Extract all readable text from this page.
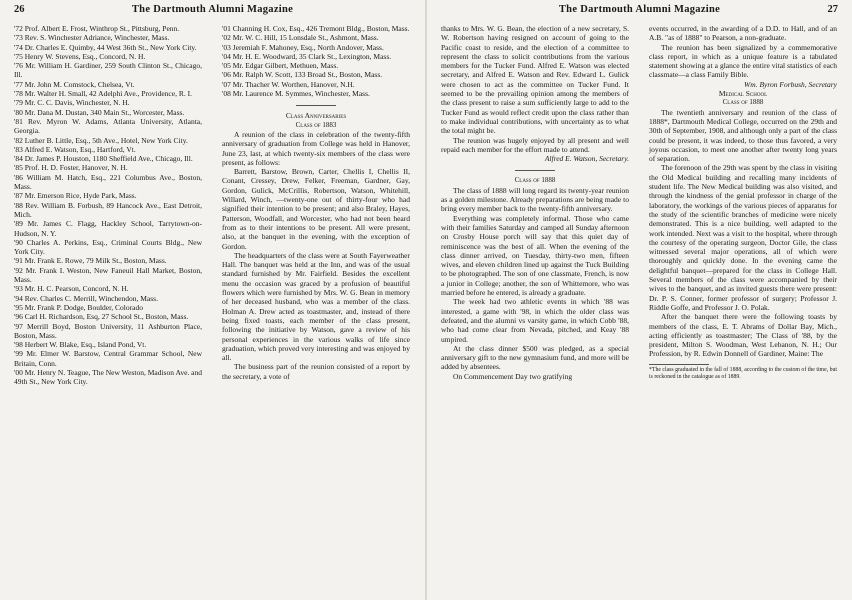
26	The Dartmouth Alumni Magazine

'72 Prof. Albert E. Frost, Winthrop St., Pittsburg, Penn.

'73 Rev. S. Winchester Adriance, Winchester, Mass.

'74 Dr. Charles E. Quimby, 44 West 36th St., New York City.

'75 Henry W. Stevens, Esq., Concord, N. H.

'76 Mr. William H. Gardiner, 259 South Clinton St., Chicago, Ill.

'77 Mr. John M. Comstock, Chelsea, Vt.

'78 Mr. Walter H. Small, 42 Adelphi Ave., Providence, R. I.

'79 Mr. C. C. Davis, Winchester, N. H.

'80 Mr. Dana M. Dustan, 340 Main St., Worcester, Mass.

'81 Rev. Myron W. Adams, Atlanta University, Atlanta, Georgia.

'82 Luther B. Little, Esq., 5th Ave., Hotel, New York City.

'83 Alfred E. Watson, Esq., Hartford, Vt.

'84 Dr. James P. Houston, 1180 Sheffield Ave., Chicago, Ill.

'85 Prof. H. D. Foster, Hanover, N. H.

'86 William M. Hatch, Esq., 221 Columbus Ave., Boston, Mass.

'87 Mr. Emerson Rice, Hyde Park, Mass.

'88 Rev. William B. Forbush, 89 Hancock Ave., East Detroit, Mich.

'89 Mr. James C. Flagg, Hackley School, Tarrytown-on-Hudson, N. Y.

'90 Charles A. Perkins, Esq., Criminal Courts Bldg., New York City.

'91 Mr. Frank E. Rowe, 79 Milk St., Boston, Mass.

'92 Mr. Frank I. Weston, New Faneuil Hall Market, Boston, Mass.

'93 Mr. H. C. Pearson, Concord, N. H.

'94 Rev. Charles C. Merrill, Winchendon, Mass.

'95 Mr. Frank P. Dodge, Boulder, Colorado

'96 Carl H. Richardson, Esq, 27 School St., Boston, Mass.

'97 Merrill Boyd, Boston University, 11 Ashburton Place, Boston, Mass.

'98 Herbert W. Blake, Esq., Island Pond, Vt.

'99 Mr. Elmer W. Barstow, Central Grammar School, New Britain, Conn.

'00 Mr. Henry N. Teague, The New Weston, Madison Ave. and 49th St., New York City.

'01 Channing H. Cox, Esq., 426 Tremont Bldg., Boston, Mass.

'02 Mr. W. C. Hill, 15 Lonsdale St., Ashmont, Mass.

'03 Jeremiah F. Mahoney, Esq., North Andover, Mass.

'04 Mr. H. E. Woodward, 35 Clark St., Lexington, Mass.

'05 Mr. Edgar Gilbert, Methuen, Mass.

'06 Mr. Ralph W. Scott, 133 Broad St., Boston, Mass.

'07 Mr. Thacher W. Worthen, Hanover, N.H.

'08 Mr. Laurence M. Symmes, Winchester, Mass.

Class Anniversaries

Class of 1883

A reunion of the class in celebration of the twenty-fifth anniversary of graduation from College was held in Hanover, June 23, last, at which twenty-six members of the class were present, as follows:

Barrett, Barstow, Brown, Carter, Chellis I, Chellis II, Conant, Cressey, Drew, Felker, Freeman, Gardner, Gay, Gordon, Gulick, McCrillis, Robertson, Watson, Whitehill, Willard, Winch, —twenty-one out of thirty-four who had signified their intention to be present; and also Braley, Hayes, Patterson, Woodfall, and Worcester, who had not been heard from as to their intentions to be present. All were present, also, at the banquet in the evening, with the exception of Gordon.

The headquarters of the class were at South Fayerweather Hall. The banquet was held at the Inn, and was of the usual standard furnished by Mr. Fairfield. Besides the excellent menu the occasion was graced by a profusion of beautiful flowers which were furnished by Mrs. W. G. Bean in memory of her deceased husband, who was a member of the class. Holman A. Drew acted as toastmaster, and, instead of there being fixed toasts, each member of the class present, following the initiative by Watson, gave a review of his personal experiences in the various walks of life since graduation, which proved very interesting and was enjoyed by all.

The business part of the reunion consisted of a report by the secretary, a vote of

The Dartmouth Alumni Magazine	27

thanks to Mrs. W. G. Bean, the election of a new secretary, S. W. Robertson having resigned on account of going to the Pacific coast to reside, and the election of a committee to represent the class to solicit contributions from the various members for the Tucker Fund. Alfred E. Watson was elected secretary, and Alfred E. Watson and Rev. Edward L. Gulick were chosen to act as the committee on Tucker Fund. It seemed to be the prevailing opinion among the members of the class present to raise a sum sufficiently large to add to the Tucker Fund as would reflect credit upon the class rather than to make individual contributions, with uncertainty as to what the total might be.

The reunion was hugely enjoyed by all present and well repaid each member for the effort made to attend.

Alfred E. Watson, Secretary.

Class of 1888

The class of 1888 will long regard its twenty-year reunion as a golden milestone. Already preparations are being made to bring every member back to the twenty-fifth anniversary.

Everything was completely informal. Those who came with their families Saturday and camped all Sunday afternoon on Crosby House porch will say that this quiet day of reminiscence was the best of all. When the evening of the class dinner arrived, on Tuesday, thirty-two men, fifteen wives, and eleven children lined up against the Tuck Building to be photographed. The son of one classmate, French, is now a junior in College; another, the son of Whittemore, who was married before he entered, is already a graduate.

The week had two athletic events in which '88 was interested, a game with '98, in which the older class was defeated, and the alumni vs varsity game, in which Cobb '88, who had come clear from Nevada, pitched, and Keay '88 umpired.

At the class dinner $500 was pledged, as a special anniversary gift to the new gymnasium fund, and more will be added by absentees.

On Commencement Day two gratifying

events occurred, in the awarding of a D.D. to Hall, and of an A.B. "as of 1888" to Pearson, a non-graduate.

The reunion has been signalized by a commemorative class report, in which as a unique feature is a tabulated statement showing at a glance the entire vital statistics of each classmate—a class Family Bible.

Wm. Byron Forbush, Secretary

Medical School

Class of 1888

The twentieth anniversary and reunion of the class of 1888*, Dartmouth Medical College, occurred on the 29th and 30th of September, 1908, and although only a part of the class could be present, it was indeed, to those thus favored, a very joyous occasion, to meet one another after twenty long years of separation.

The forenoon of the 29th was spent by the class in visiting the Old Medical building and recalling many incidents of student life. The New Medical building was also visited, and through the kindness of the genial professor in charge of the laboratory, the workings of the various pieces of apparatus for the study of the scientific branches of medicine were nicely demonstrated. This is a nice building, well adapted to the work intended. Next was a visit to the hospital, where through the courtesy of the operating surgeon, Doctor Gile, the class witnessed several major operations, all of which were thoroughly and quickly done. In the evening came the delightful banquet—prepared for the class in College Hall. Several members of the class were accompanied by their wives to the banquet, and as invited guests there were present: Dr. P. S. Conner, former professor of surgery; Professor J. Riddle Goffe, and Professor J. O. Polak.

After the banquet there were the following toasts by members of the class, E. T. Abrams of Dollar Bay, Mich., acting efficiently as toastmaster; The Class of '88, by the president, Milton S. Woodman, West Lebanon, N. H.; Our Profession, by R. Edwin Donnell of Gardiner, Maine: The

*The class graduated in the fall of 1888, according to the custom of the time, but is reckoned in the catalogue as of 1889.
